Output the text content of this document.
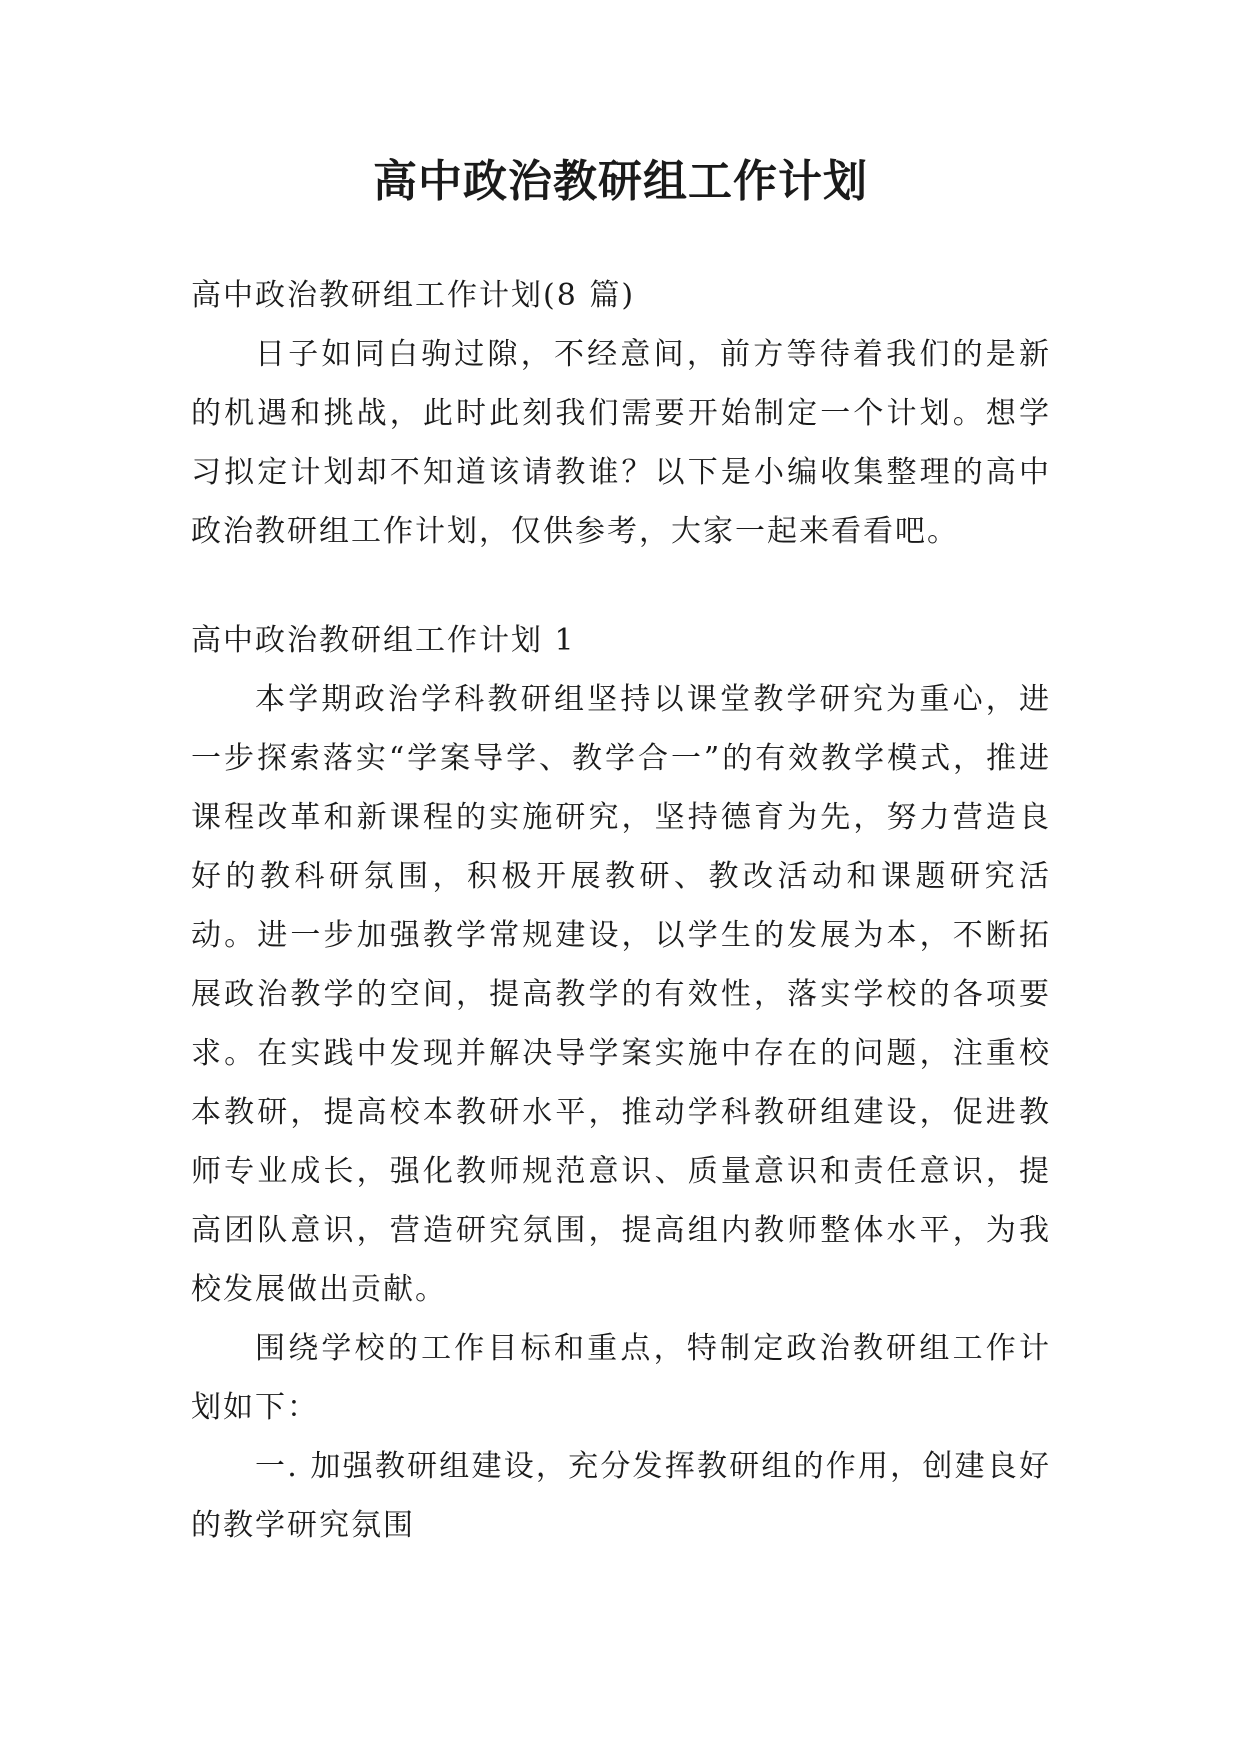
高中政治教研组工作计划

高中政治教研组工作计划(8 篇)

日子如同白驹过隙，不经意间，前方等待着我们的是新的机遇和挑战，此时此刻我们需要开始制定一个计划。想学习拟定计划却不知道该请教谁？以下是小编收集整理的高中政治教研组工作计划，仅供参考，大家一起来看看吧。

高中政治教研组工作计划 1

本学期政治学科教研组坚持以课堂教学研究为重心，进一步探索落实“学案导学、教学合一”的有效教学模式，推进课程改革和新课程的实施研究，坚持德育为先，努力营造良好的教科研氛围，积极开展教研、教改活动和课题研究活动。进一步加强教学常规建设，以学生的发展为本，不断拓展政治教学的空间，提高教学的有效性，落实学校的各项要求。在实践中发现并解决导学案实施中存在的问题，注重校本教研，提高校本教研水平，推动学科教研组建设，促进教师专业成长，强化教师规范意识、质量意识和责任意识，提高团队意识，营造研究氛围，提高组内教师整体水平，为我校发展做出贡献。

围绕学校的工作目标和重点，特制定政治教研组工作计划如下：

一. 加强教研组建设，充分发挥教研组的作用，创建良好的教学研究氛围
